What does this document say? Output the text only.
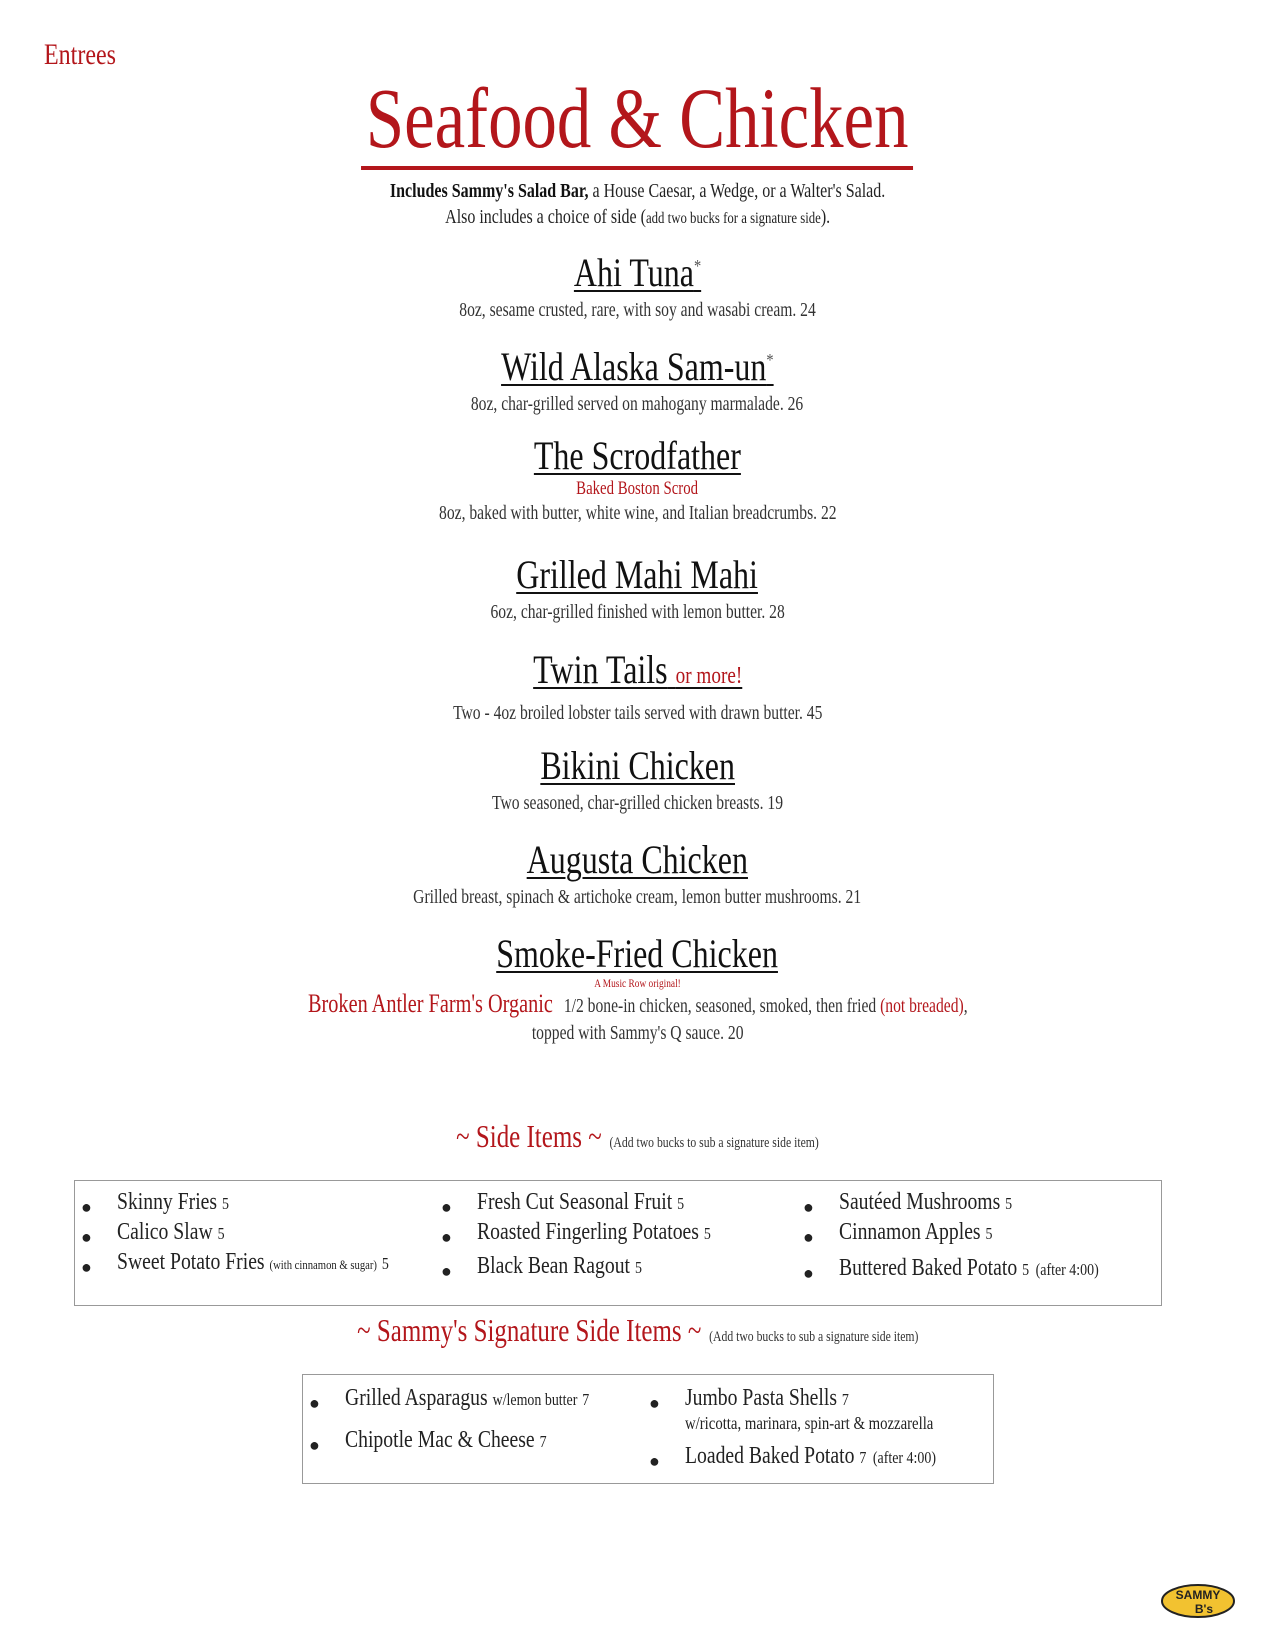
Entrees
Seafood & Chicken
Includes Sammy's Salad Bar, a House Caesar, a Wedge, or a Walter's Salad.
Also includes a choice of side (add two bucks for a signature side).
Ahi Tuna*
8oz, sesame crusted, rare, with soy and wasabi cream. 24
Wild Alaska Sam-un*
8oz, char-grilled served on mahogany marmalade. 26
The Scrodfather
Baked Boston Scrod
8oz, baked with butter, white wine, and Italian breadcrumbs. 22
Grilled Mahi Mahi
6oz, char-grilled finished with lemon butter. 28
Twin Tails or more!
Two - 4oz broiled lobster tails served with drawn butter. 45
Bikini Chicken
Two seasoned, char-grilled chicken breasts. 19
Augusta Chicken
Grilled breast, spinach & artichoke cream, lemon butter mushrooms. 21
Smoke-Fried Chicken
A Music Row original!
Broken Antler Farm's Organic 1/2 bone-in chicken, seasoned, smoked, then fried (not breaded),
topped with Sammy's Q sauce. 20
~ Side Items ~ (Add two bucks to sub a signature side item)
● Skinny Fries 5
● Calico Slaw 5
● Sweet Potato Fries (with cinnamon & sugar) 5
● Fresh Cut Seasonal Fruit 5
● Roasted Fingerling Potatoes 5
● Black Bean Ragout 5
● Sautéed Mushrooms 5
● Cinnamon Apples 5
● Buttered Baked Potato 5 (after 4:00)
~ Sammy's Signature Side Items ~ (Add two bucks to sub a signature side item)
● Grilled Asparagus w/lemon butter 7
● Chipotle Mac & Cheese 7
● Jumbo Pasta Shells 7
w/ricotta, marinara, spin-art & mozzarella
● Loaded Baked Potato 7 (after 4:00)
SAMMY
B's
